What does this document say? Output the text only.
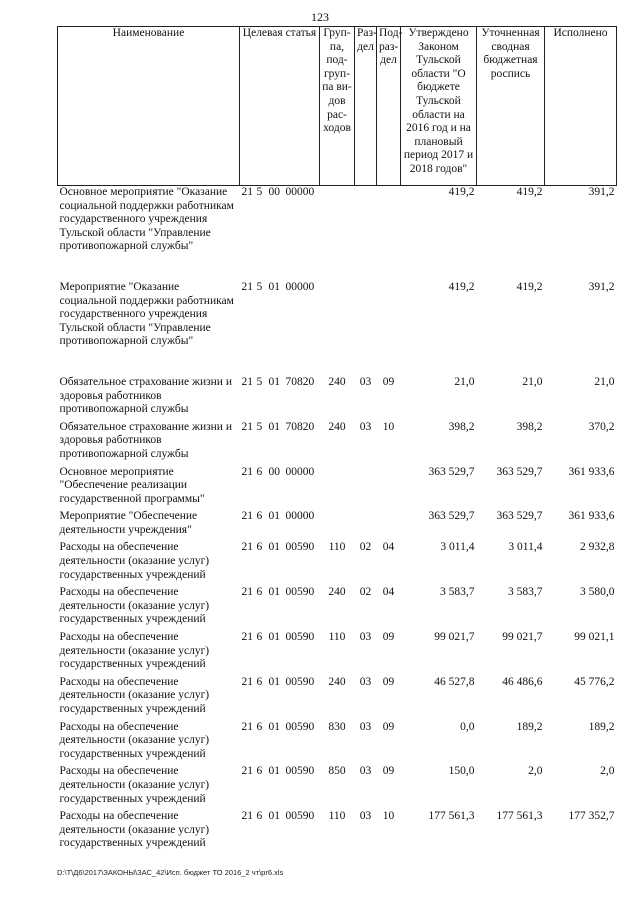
123
Наименование	Целевая статья	Груп-па, под-груп-па ви-дов рас-ходов	Раз-дел	Под-раз-дел	Утверждено Законом Тульской области "О бюджете Тульской области на 2016 год и на плановый период 2017 и 2018 годов"	Уточненная сводная бюджетная роспись	Исполнено
Основное мероприятие "Оказание социальной поддержки работникам государственного учреждения Тульской области "Управление противопожарной службы"	21 5 00 00000				419,2	419,2	391,2
Мероприятие "Оказание социальной поддержки работникам государственного учреждения Тульской области "Управление противопожарной службы"	21 5 01 00000				419,2	419,2	391,2
Обязательное страхование жизни и здоровья работников противопожарной службы	21 5 01 70820	240	03	09	21,0	21,0	21,0
Обязательное страхование жизни и здоровья работников противопожарной службы	21 5 01 70820	240	03	10	398,2	398,2	370,2
Основное мероприятие "Обеспечение реализации государственной программы"	21 6 00 00000				363 529,7	363 529,7	361 933,6
Мероприятие "Обеспечение деятельности учреждения"	21 6 01 00000				363 529,7	363 529,7	361 933,6
Расходы на обеспечение деятельности (оказание услуг) государственных учреждений	21 6 01 00590	110	02	04	3 011,4	3 011,4	2 932,8
Расходы на обеспечение деятельности (оказание услуг) государственных учреждений	21 6 01 00590	240	02	04	3 583,7	3 583,7	3 580,0
Расходы на обеспечение деятельности (оказание услуг) государственных учреждений	21 6 01 00590	110	03	09	99 021,7	99 021,7	99 021,1
Расходы на обеспечение деятельности (оказание услуг) государственных учреждений	21 6 01 00590	240	03	09	46 527,8	46 486,6	45 776,2
Расходы на обеспечение деятельности (оказание услуг) государственных учреждений	21 6 01 00590	830	03	09	0,0	189,2	189,2
Расходы на обеспечение деятельности (оказание услуг) государственных учреждений	21 6 01 00590	850	03	09	150,0	2,0	2,0
Расходы на обеспечение деятельности (оказание услуг) государственных учреждений	21 6 01 00590	110	03	10	177 561,3	177 561,3	177 352,7
D:\Т\Д6\2017\ЗАКОНЫ\ЗАС_42\Исп. бюджет ТО 2016_2 чт\pr6.xls
